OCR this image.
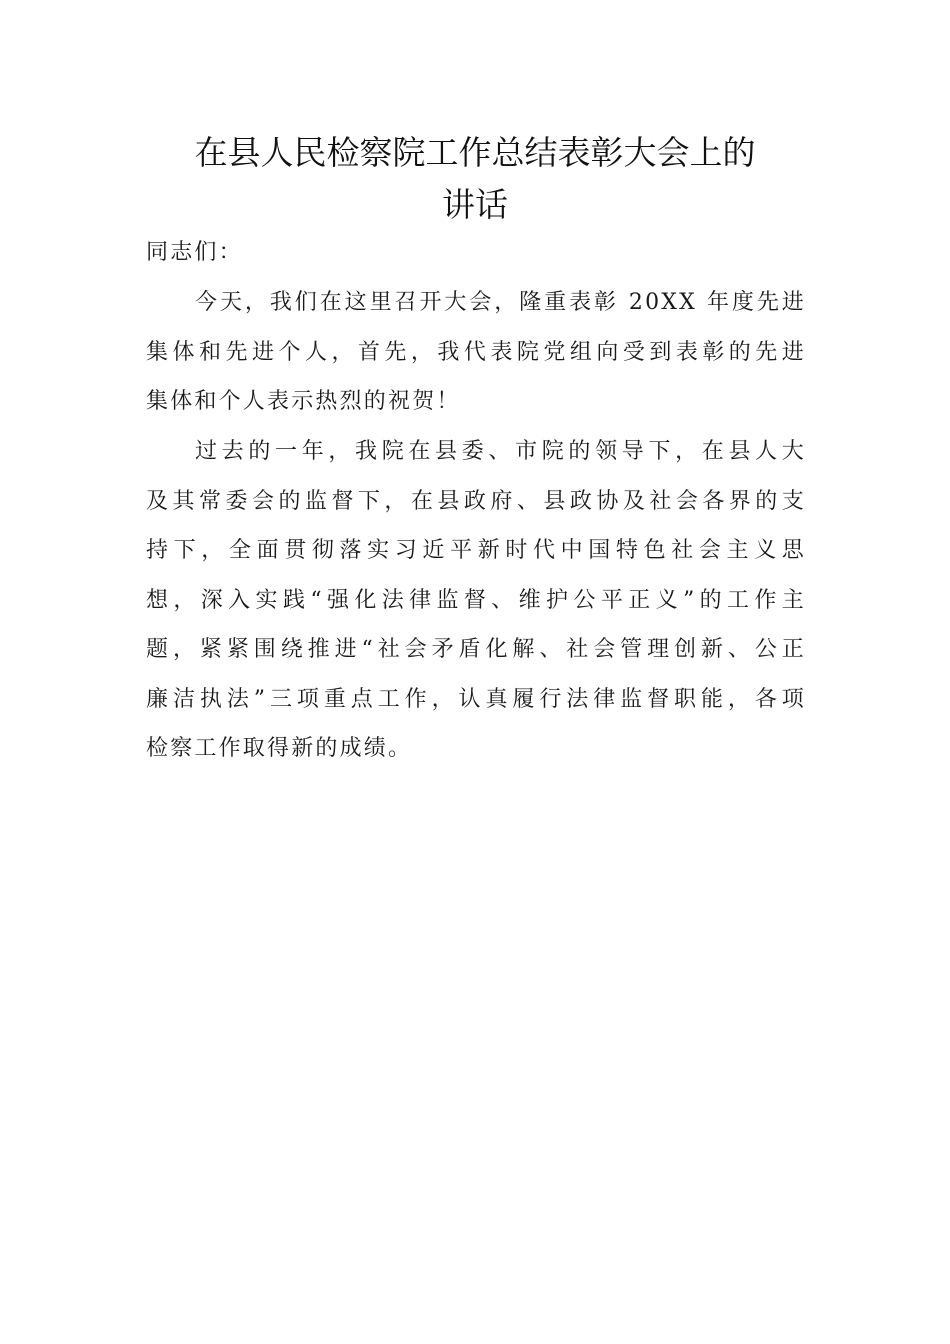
在县人民检察院工作总结表彰大会上的
讲话

同志们：

今天，我们在这里召开大会，隆重表彰 20XX 年度先进
集体和先进个人，首先，我代表院党组向受到表彰的先进
集体和个人表示热烈的祝贺！
过去的一年，我院在县委、市院的领导下，在县人大
及其常委会的监督下，在县政府、县政协及社会各界的支
持下，全面贯彻落实习近平新时代中国特色社会主义思
想，深入实践“强化法律监督、维护公平正义”的工作主
题，紧紧围绕推进“社会矛盾化解、社会管理创新、公正
廉洁执法”三项重点工作，认真履行法律监督职能，各项
检察工作取得新的成绩。
